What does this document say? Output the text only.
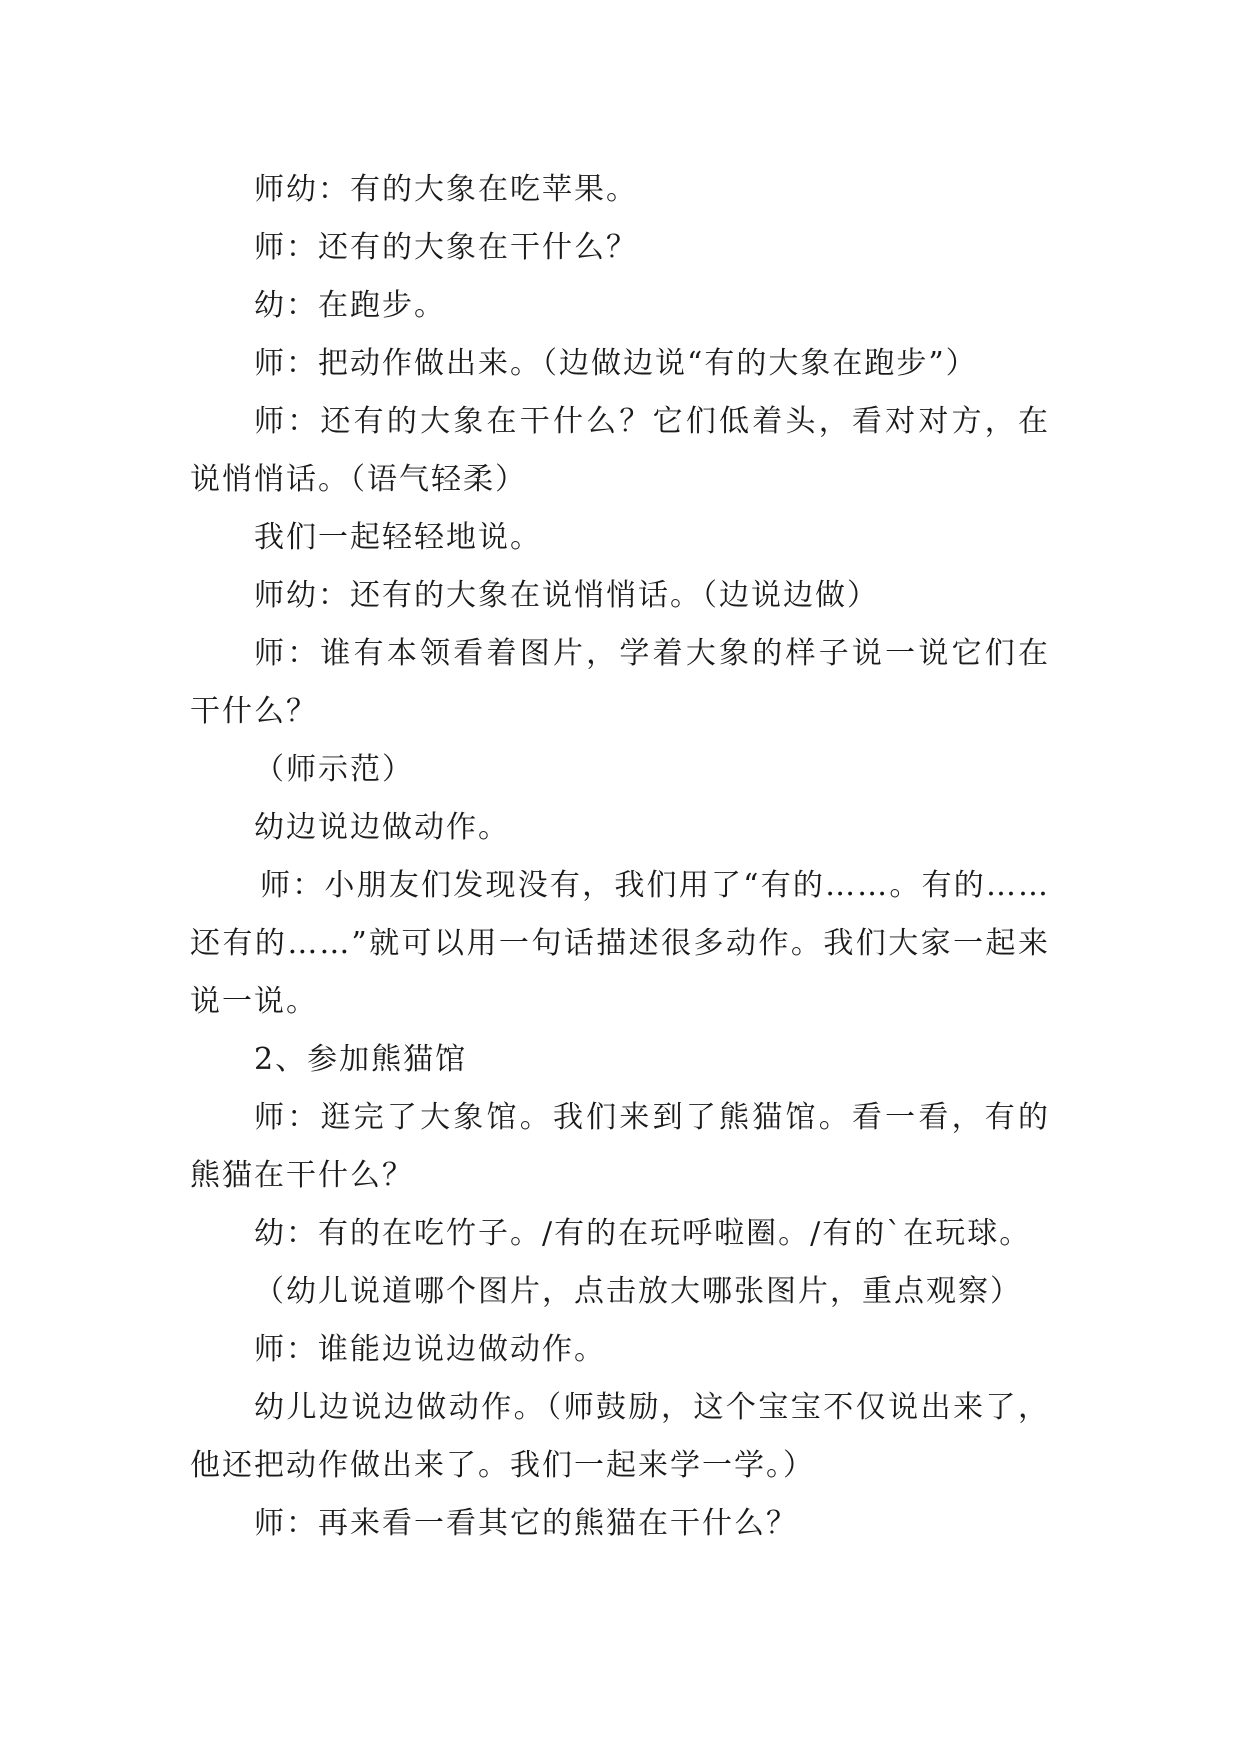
师幼：有的大象在吃苹果。

师：还有的大象在干什么？

幼：在跑步。

师：把动作做出来。（边做边说“有的大象在跑步”）

师：还有的大象在干什么？它们低着头，看对对方，在说悄悄话。（语气轻柔）

我们一起轻轻地说。

师幼：还有的大象在说悄悄话。（边说边做）

师：谁有本领看着图片，学着大象的样子说一说它们在干什么？

（师示范）

幼边说边做动作。

师：小朋友们发现没有，我们用了“有的……。有的……还有的……”就可以用一句话描述很多动作。我们大家一起来说一说。

2、参加熊猫馆

师：逛完了大象馆。我们来到了熊猫馆。看一看，有的熊猫在干什么？

幼：有的在吃竹子。/有的在玩呼啦圈。/有的`在玩球。

（幼儿说道哪个图片，点击放大哪张图片，重点观察）

师：谁能边说边做动作。

幼儿边说边做动作。（师鼓励，这个宝宝不仅说出来了，他还把动作做出来了。我们一起来学一学。）

师：再来看一看其它的熊猫在干什么？
